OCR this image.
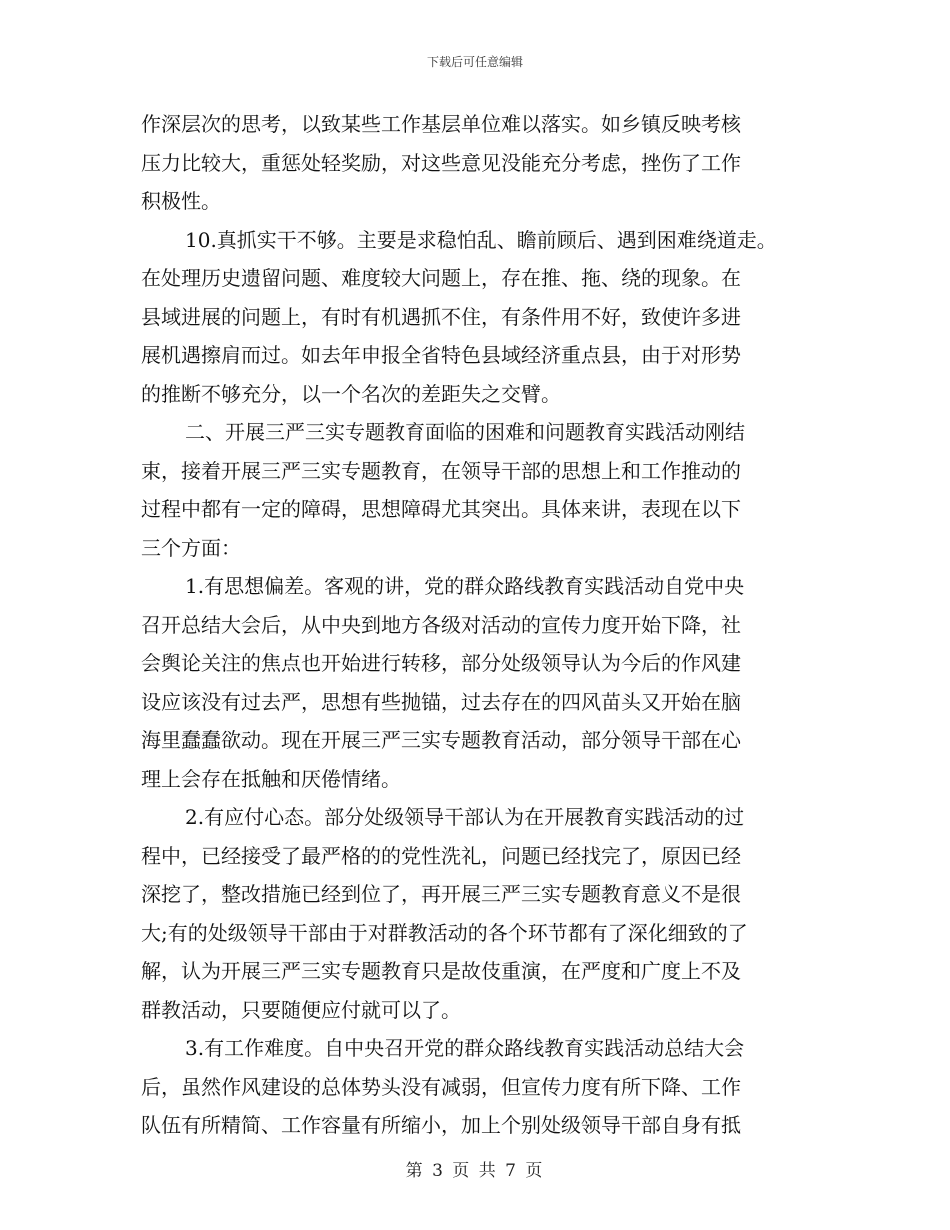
下载后可任意编辑
作深层次的思考，以致某些工作基层单位难以落实。如乡镇反映考核
压力比较大，重惩处轻奖励，对这些意见没能充分考虑，挫伤了工作
积极性。
10.真抓实干不够。主要是求稳怕乱、瞻前顾后、遇到困难绕道走。
在处理历史遗留问题、难度较大问题上，存在推、拖、绕的现象。在
县域进展的问题上，有时有机遇抓不住，有条件用不好，致使许多进
展机遇擦肩而过。如去年申报全省特色县域经济重点县，由于对形势
的推断不够充分，以一个名次的差距失之交臂。
二、开展三严三实专题教育面临的困难和问题教育实践活动刚结
束，接着开展三严三实专题教育，在领导干部的思想上和工作推动的
过程中都有一定的障碍，思想障碍尤其突出。具体来讲，表现在以下
三个方面：
1.有思想偏差。客观的讲，党的群众路线教育实践活动自党中央
召开总结大会后，从中央到地方各级对活动的宣传力度开始下降，社
会舆论关注的焦点也开始进行转移，部分处级领导认为今后的作风建
设应该没有过去严，思想有些抛锚，过去存在的四风苗头又开始在脑
海里蠢蠢欲动。现在开展三严三实专题教育活动，部分领导干部在心
理上会存在抵触和厌倦情绪。
2.有应付心态。部分处级领导干部认为在开展教育实践活动的过
程中，已经接受了最严格的的党性洗礼，问题已经找完了，原因已经
深挖了，整改措施已经到位了，再开展三严三实专题教育意义不是很
大;有的处级领导干部由于对群教活动的各个环节都有了深化细致的了
解，认为开展三严三实专题教育只是故伎重演，在严度和广度上不及
群教活动，只要随便应付就可以了。
3.有工作难度。自中央召开党的群众路线教育实践活动总结大会
后，虽然作风建设的总体势头没有减弱，但宣传力度有所下降、工作
队伍有所精简、工作容量有所缩小，加上个别处级领导干部自身有抵
第 3 页 共 7 页
